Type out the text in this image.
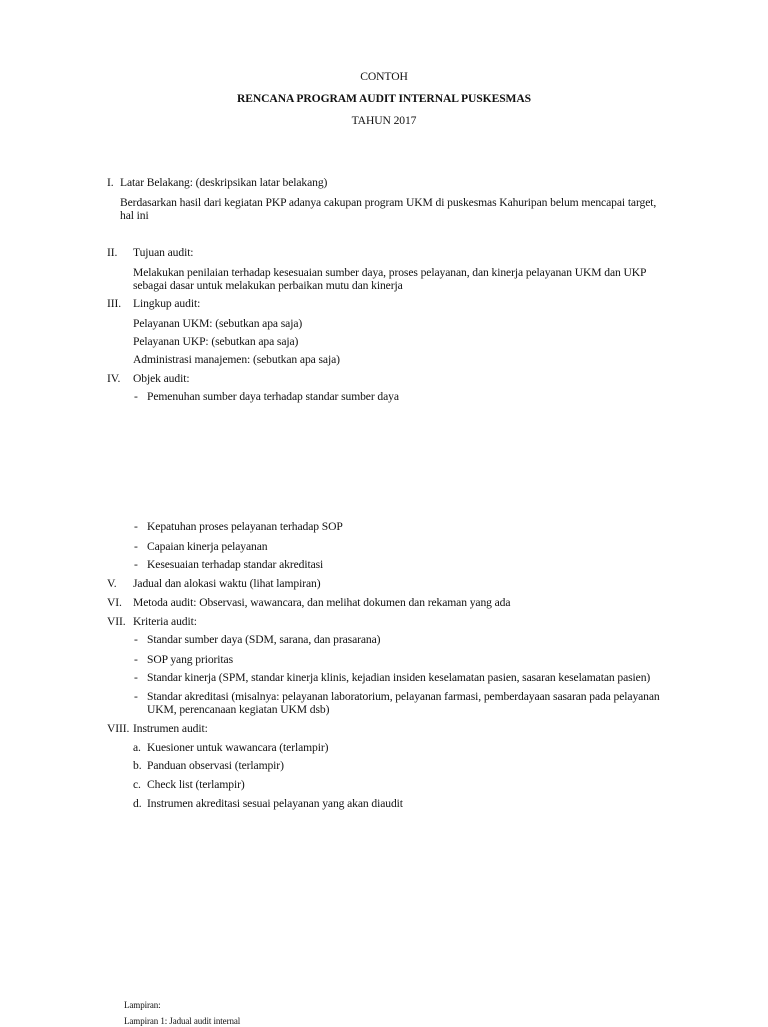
CONTOH
RENCANA PROGRAM AUDIT INTERNAL PUSKESMAS
TAHUN 2017
I. Latar Belakang: (deskripsikan latar belakang)
Berdasarkan hasil dari kegiatan PKP adanya cakupan program UKM di puskesmas Kahuripan belum mencapai target,
hal ini
II. Tujuan audit:
Melakukan penilaian terhadap kesesuaian sumber daya, proses pelayanan, dan kinerja pelayanan UKM dan UKP
sebagai dasar untuk melakukan perbaikan mutu dan kinerja
III. Lingkup audit:
Pelayanan UKM: (sebutkan apa saja)
Pelayanan UKP: (sebutkan apa saja)
Administrasi manajemen: (sebutkan apa saja)
IV. Objek audit:
- Pemenuhan sumber daya terhadap standar sumber daya
- Kepatuhan proses pelayanan terhadap SOP
- Capaian kinerja pelayanan
- Kesesuaian terhadap standar akreditasi
V. Jadual dan alokasi waktu (lihat lampiran)
VI. Metoda audit: Observasi, wawancara, dan melihat dokumen dan rekaman yang ada
VII. Kriteria audit:
- Standar sumber daya (SDM, sarana, dan prasarana)
- SOP yang prioritas
- Standar kinerja (SPM, standar kinerja klinis, kejadian insiden keselamatan pasien, sasaran keselamatan pasien)
- Standar akreditasi (misalnya: pelayanan laboratorium, pelayanan farmasi, pemberdayaan sasaran pada pelayanan
UKM, perencanaan kegiatan UKM dsb)
VIII. Instrumen audit:
a. Kuesioner untuk wawancara (terlampir)
b. Panduan observasi (terlampir)
c. Check list (terlampir)
d. Instrumen akreditasi sesuai pelayanan yang akan diaudit
Lampiran:
Lampiran 1: Jadual audit internal
